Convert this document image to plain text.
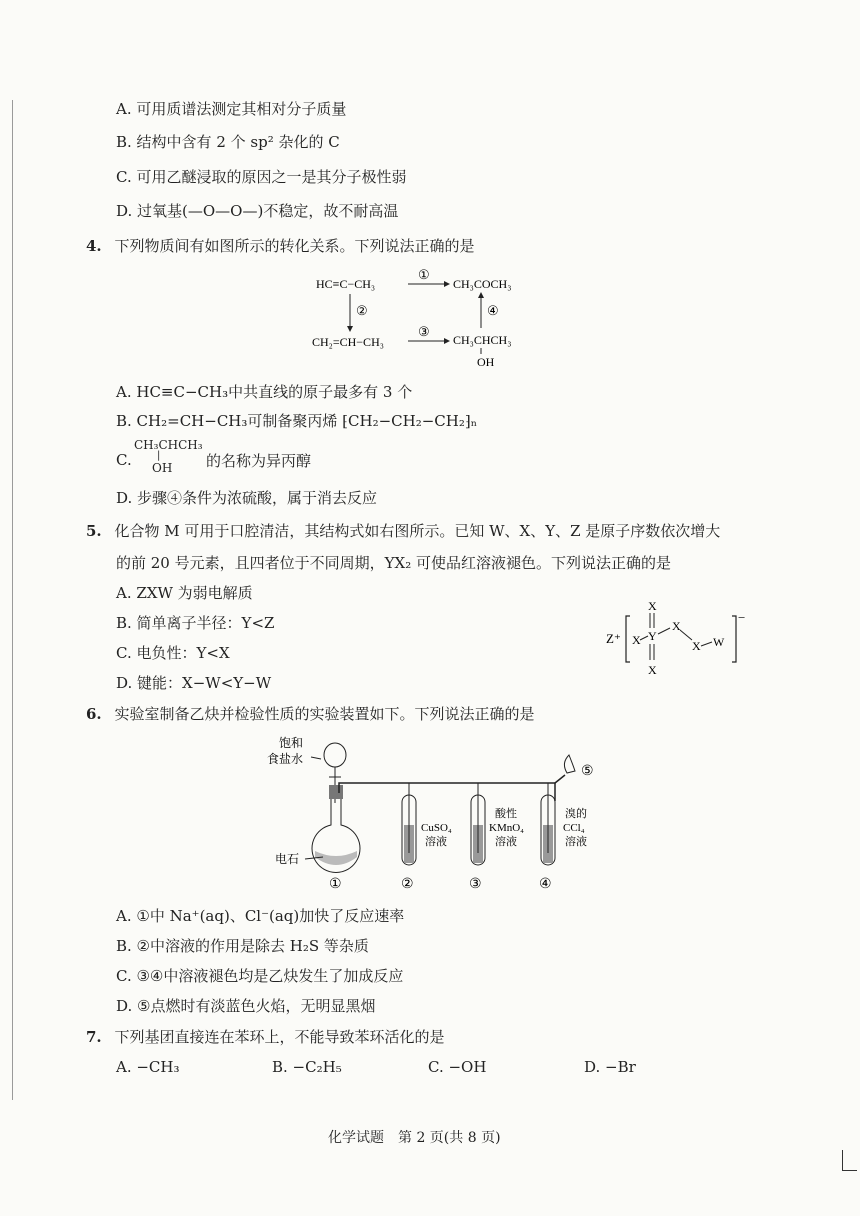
A. 可用质谱法测定其相对分子质量
B. 结构中含有 2 个 sp² 杂化的 C
C. 可用乙醚浸取的原因之一是其分子极性弱
D. 过氧基(—O—O—)不稳定，故不耐高温
4. 下列物质间有如图所示的转化关系。下列说法正确的是
HC≡C−CH₃	CH₃COCH₃
CH₂=CH−CH₃	CH₃CHCH₃
OH
①
②
③
④
A. HC≡C−CH₃中共直线的原子最多有 3 个
B. CH₂=CH−CH₃可制备聚丙烯 ⁅CH₂−CH₂−CH₂⁆ₙ
C.
CH₃CHCH₃
|
OH 的名称为异丙醇
D. 步骤④条件为浓硫酸，属于消去反应
5. 化合物 M 可用于口腔清洁，其结构式如右图所示。已知 W、X、Y、Z 是原子序数依次增大
的前 20 号元素，且四者位于不同周期，YX₂ 可使品红溶液褪色。下列说法正确的是
A. ZXW 为弱电解质
B. 简单离子半径：Y<Z
C. 电负性：Y<X
D. 键能：X−W<Y−W
Z⁺
−
X
X Y
X
X W
X
6. 实验室制备乙炔并检验性质的实验装置如下。下列说法正确的是
饱和
食盐水
电石
①
CuSO₄
溶液
②
酸性
KMnO₄
溶液
③
溴的
CCl₄
溶液
④
⑤
A. ①中 Na⁺(aq)、Cl⁻(aq)加快了反应速率
B. ②中溶液的作用是除去 H₂S 等杂质
C. ③④中溶液褪色均是乙炔发生了加成反应
D. ⑤点燃时有淡蓝色火焰，无明显黑烟
7. 下列基团直接连在苯环上，不能导致苯环活化的是
A. −CH₃	B. −C₂H₅	C. −OH	D. −Br
化学试题　第 2 页(共 8 页)
